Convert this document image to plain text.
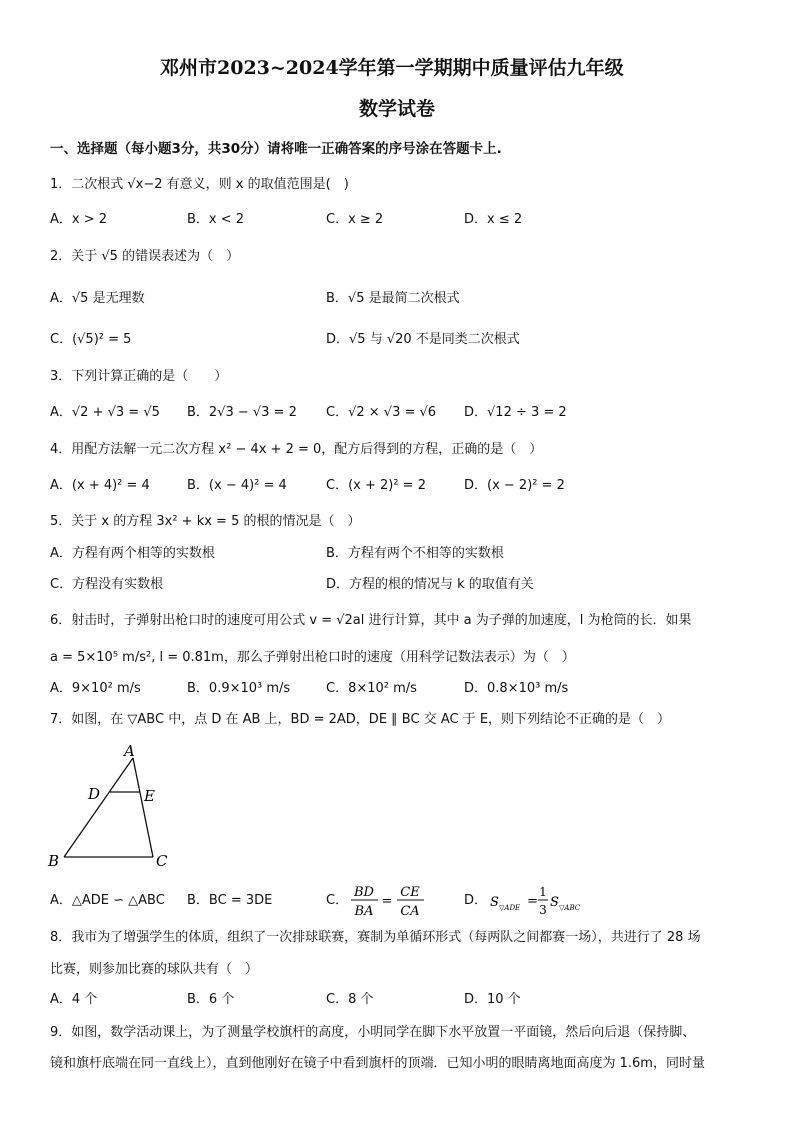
邓州市2023~2024学年第一学期期中质量评估九年级
数学试卷
一、选择题（每小题3分，共30分）请将唯一正确答案的序号涂在答题卡上.
1．二次根式 √x−2 有意义，则 x 的取值范围是(　)
A．x > 2	B．x < 2	C．x ≥ 2	D．x ≤ 2
2．关于 √5 的错误表述为（　）
A．√5 是无理数	B．√5 是最简二次根式
C．(√5)² = 5	D．√5 与 √20 不是同类二次根式
3．下列计算正确的是（　　）
A．√2 + √3 = √5 B．2√3 − √3 = 2 C．√2 × √3 = √6 D．√12 ÷ 3 = 2
4．用配方法解一元二次方程 x² − 4x + 2 = 0，配方后得到的方程，正确的是（　）
A．(x + 4)² = 4	B．(x − 4)² = 4	C．(x + 2)² = 2	D．(x − 2)² = 2
5．关于 x 的方程 3x² + kx = 5 的根的情况是（　）
A．方程有两个相等的实数根	B．方程有两个不相等的实数根
C．方程没有实数根	D．方程的根的情况与 k 的取值有关
6．射击时，子弹射出枪口时的速度可用公式 v = √2al 进行计算，其中 a 为子弹的加速度，l 为枪筒的长．如果
a = 5×10⁵ m/s², l = 0.81m，那么子弹射出枪口时的速度（用科学记数法表示）为（　）
A．9×10² m/s	B．0.9×10³ m/s	C．8×10² m/s	D．0.8×10³ m/s
7．如图，在 ▽ABC 中，点 D 在 AB 上，BD = 2AD，DE ∥ BC 交 AC 于 E，则下列结论不正确的是（　）
A
D	E
B	C
A．△ADE ∽ △ABC B．BC = 3DE	C．
BD
BA
=
CE
CA
D． S ▽ADE =
1
3 S ▽ABC
8．我市为了增强学生的体质，组织了一次排球联赛，赛制为单循环形式（每两队之间都赛一场），共进行了 28 场
比赛，则参加比赛的球队共有（　）
A．4 个	B．6 个	C．8 个	D．10 个
9．如图，数学活动课上，为了测量学校旗杆的高度，小明同学在脚下水平放置一平面镜，然后向后退（保持脚、
镜和旗杆底端在同一直线上），直到他刚好在镜子中看到旗杆的顶端．已知小明的眼睛离地面高度为 1.6m，同时量
